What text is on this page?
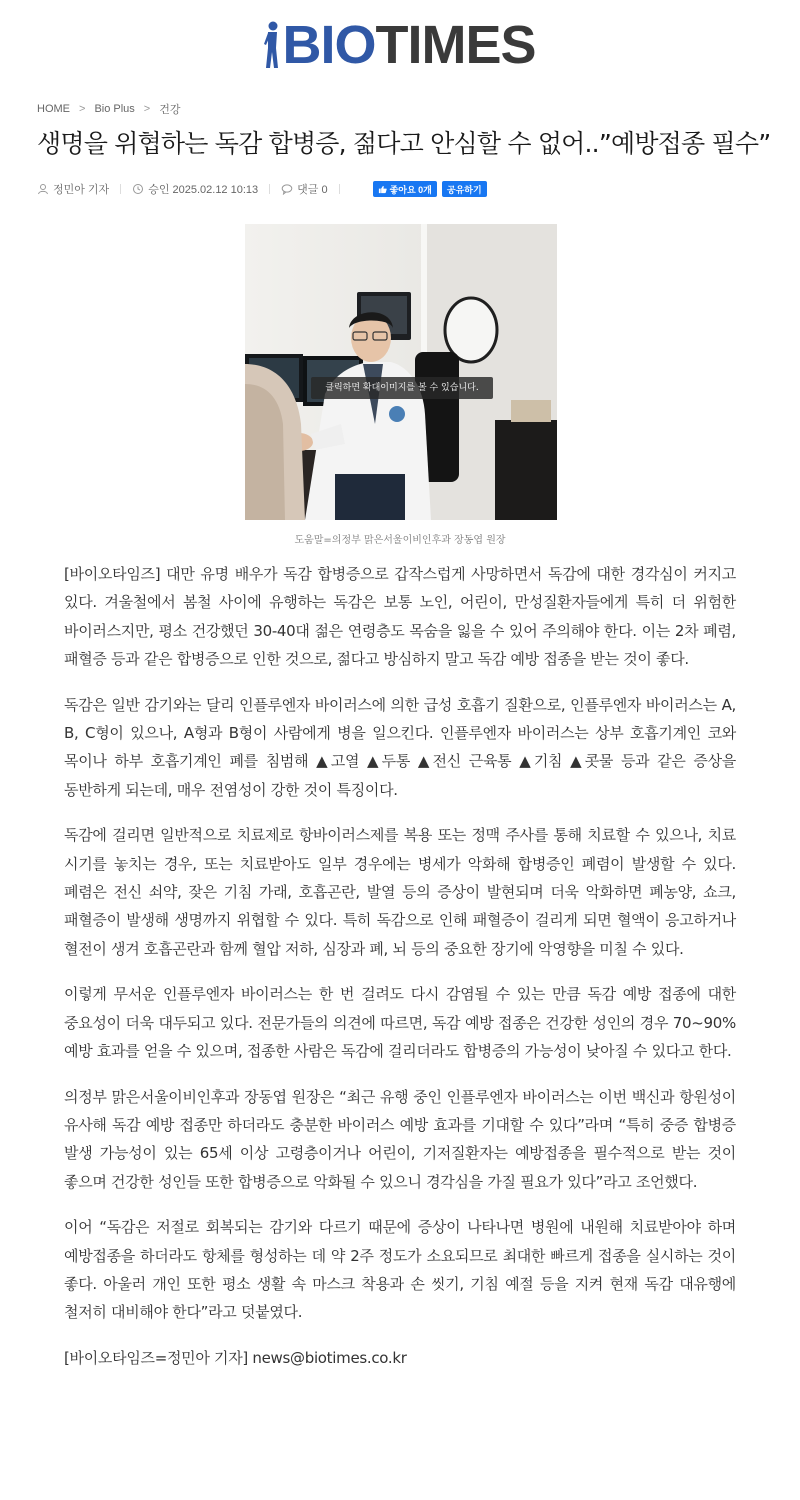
BIO TIMES
HOME > Bio Plus > 건강
생명을 위협하는 독감 합병증, 젊다고 안심할 수 없어..”예방접종 필수”
정민아 기자	승인 2025.02.12 10:13	댓글 0	좋아요 0개	공유하기
클릭하면 확대이미지를 볼 수 있습니다.
도움말=의정부 맑은서울이비인후과 장동엽 원장

[바이오타임즈] 대만 유명 배우가 독감 합병증으로 갑작스럽게 사망하면서 독감에 대한 경각심이 커지고 있다. 겨울철에서 봄철 사이에 유행하는 독감은 보통 노인, 어린이, 만성질환자들에게 특히 더 위험한 바이러스지만, 평소 건강했던 30-40대 젊은 연령층도 목숨을 잃을 수 있어 주의해야 한다. 이는 2차 폐렴, 패혈증 등과 같은 합병증으로 인한 것으로, 젊다고 방심하지 말고 독감 예방 접종을 받는 것이 좋다.

독감은 일반 감기와는 달리 인플루엔자 바이러스에 의한 급성 호흡기 질환으로, 인플루엔자 바이러스는 A, B, C형이 있으나, A형과 B형이 사람에게 병을 일으킨다. 인플루엔자 바이러스는 상부 호흡기계인 코와 목이나 하부 호흡기계인 폐를 침범해 ▲고열 ▲두통 ▲전신 근육통 ▲기침 ▲콧물 등과 같은 증상을 동반하게 되는데, 매우 전염성이 강한 것이 특징이다.

독감에 걸리면 일반적으로 치료제로 항바이러스제를 복용 또는 정맥 주사를 통해 치료할 수 있으나, 치료 시기를 놓치는 경우, 또는 치료받아도 일부 경우에는 병세가 악화해 합병증인 폐렴이 발생할 수 있다. 폐렴은 전신 쇠약, 잦은 기침 가래, 호흡곤란, 발열 등의 증상이 발현되며 더욱 악화하면 폐농양, 쇼크, 패혈증이 발생해 생명까지 위협할 수 있다. 특히 독감으로 인해 패혈증이 걸리게 되면 혈액이 응고하거나 혈전이 생겨 호흡곤란과 함께 혈압 저하, 심장과 폐, 뇌 등의 중요한 장기에 악영향을 미칠 수 있다.

이렇게 무서운 인플루엔자 바이러스는 한 번 걸려도 다시 감염될 수 있는 만큼 독감 예방 접종에 대한 중요성이 더욱 대두되고 있다. 전문가들의 의견에 따르면, 독감 예방 접종은 건강한 성인의 경우 70~90% 예방 효과를 얻을 수 있으며, 접종한 사람은 독감에 걸리더라도 합병증의 가능성이 낮아질 수 있다고 한다.

의정부 맑은서울이비인후과 장동엽 원장은 “최근 유행 중인 인플루엔자 바이러스는 이번 백신과 항원성이 유사해 독감 예방 접종만 하더라도 충분한 바이러스 예방 효과를 기대할 수 있다”라며 “특히 중증 합병증 발생 가능성이 있는 65세 이상 고령층이거나 어린이, 기저질환자는 예방접종을 필수적으로 받는 것이 좋으며 건강한 성인들 또한 합병증으로 악화될 수 있으니 경각심을 가질 필요가 있다”라고 조언했다.

이어 “독감은 저절로 회복되는 감기와 다르기 때문에 증상이 나타나면 병원에 내원해 치료받아야 하며 예방접종을 하더라도 항체를 형성하는 데 약 2주 정도가 소요되므로 최대한 빠르게 접종을 실시하는 것이 좋다. 아울러 개인 또한 평소 생활 속 마스크 착용과 손 씻기, 기침 예절 등을 지켜 현재 독감 대유행에 철저히 대비해야 한다”라고 덧붙였다.

[바이오타임즈=정민아 기자] news@biotimes.co.kr
